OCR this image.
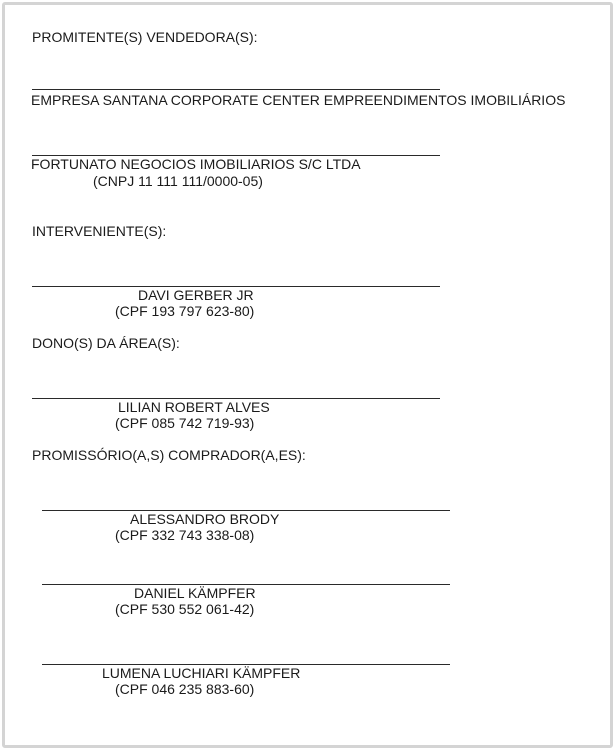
PROMITENTE(S) VENDEDORA(S):

EMPRESA SANTANA CORPORATE CENTER EMPREENDIMENTOS IMOBILIÁRIOS

FORTUNATO NEGOCIOS IMOBILIARIOS S/C LTDA

(CNPJ 11 111 111/0000-05)

INTERVENIENTE(S):

DAVI GERBER JR

(CPF 193 797 623-80)

DONO(S) DA ÁREA(S):

LILIAN ROBERT ALVES

(CPF 085 742 719-93)

PROMISSÓRIO(A,S) COMPRADOR(A,ES):

ALESSANDRO BRODY

(CPF 332 743 338-08)

DANIEL KÄMPFER

(CPF 530 552 061-42)

LUMENA LUCHIARI KÄMPFER

(CPF 046 235 883-60)
